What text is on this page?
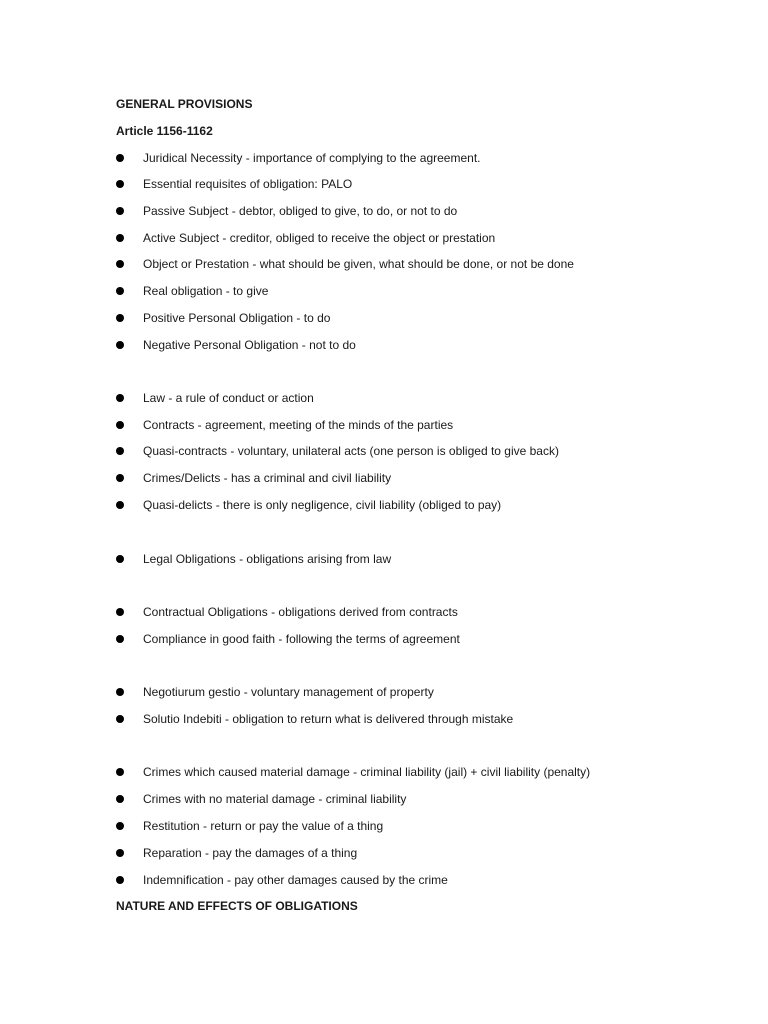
GENERAL PROVISIONS
Article 1156-1162
Juridical Necessity - importance of complying to the agreement.
Essential requisites of obligation: PALO
Passive Subject - debtor, obliged to give, to do, or not to do
Active Subject - creditor, obliged to receive the object or prestation
Object or Prestation - what should be given, what should be done, or not be done
Real obligation - to give
Positive Personal Obligation - to do
Negative Personal Obligation - not to do
Law - a rule of conduct or action
Contracts - agreement, meeting of the minds of the parties
Quasi-contracts - voluntary, unilateral acts (one person is obliged to give back)
Crimes/Delicts - has a criminal and civil liability
Quasi-delicts - there is only negligence, civil liability (obliged to pay)
Legal Obligations - obligations arising from law
Contractual Obligations - obligations derived from contracts
Compliance in good faith - following the terms of agreement
Negotiurum gestio - voluntary management of property
Solutio Indebiti - obligation to return what is delivered through mistake
Crimes which caused material damage - criminal liability (jail) + civil liability (penalty)
Crimes with no material damage - criminal liability
Restitution - return or pay the value of a thing
Reparation - pay the damages of a thing
Indemnification - pay other damages caused by the crime
NATURE AND EFFECTS OF OBLIGATIONS
